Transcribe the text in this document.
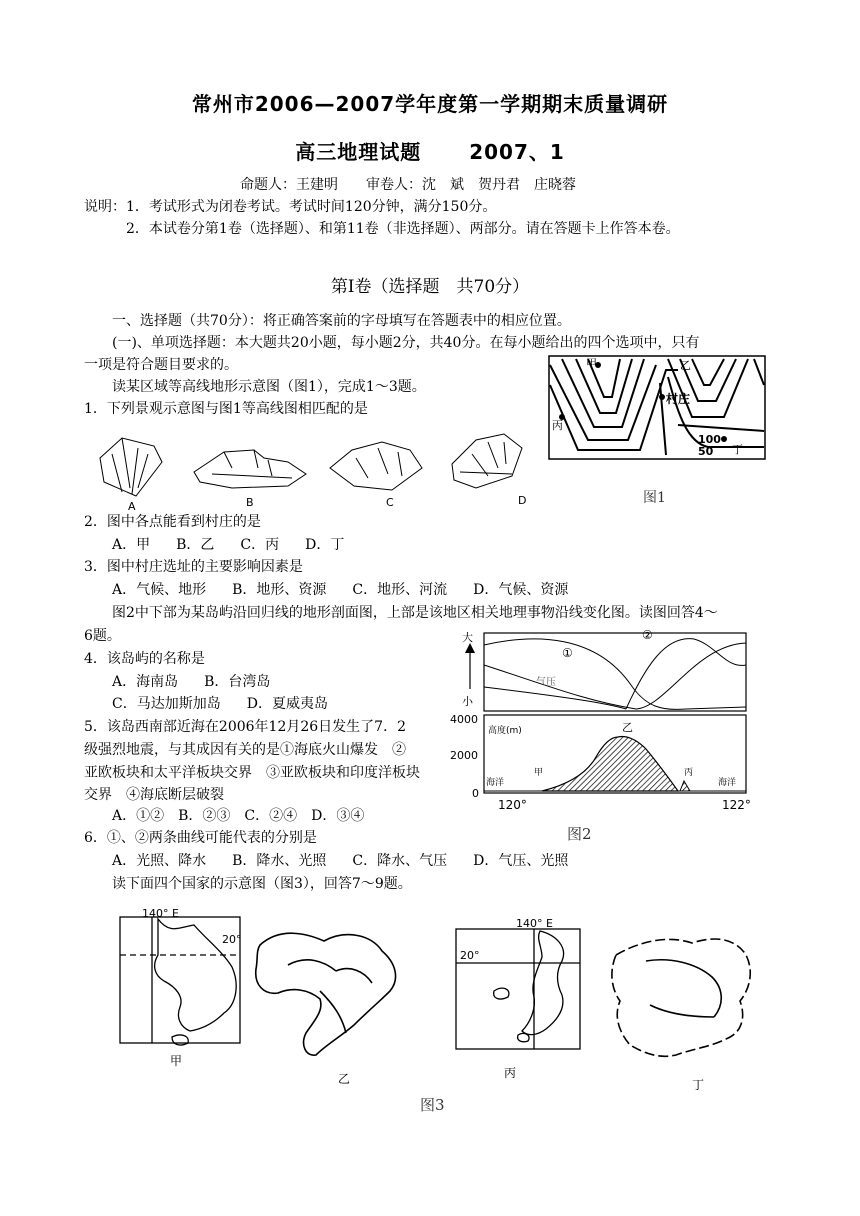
常州市2006—2007学年度第一学期期末质量调研
高三地理试题 2007、1
命题人：王建明　　审卷人：沈　斌　贺丹君　庄晓蓉
说明：1．考试形式为闭卷考试。考试时间120分钟，满分150分。
2．本试卷分第1卷（选择题）、和第11卷（非选择题）、两部分。请在答题卡上作答本卷。
第Ⅰ卷（选择题　共70分）
一、选择题（共70分）：将正确答案前的字母填写在答题表中的相应位置。
(一)、单项选择题：本大题共20小题，每小题2分，共40分。在每小题给出的四个选项中，只有
一项是符合题目要求的。
读某区域等高线地形示意图（图1），完成1～3题。
甲	乙
丙
丁
村庄
100
50
图1
1．下列景观示意图与图1等高线图相匹配的是
A	B	C	D
2．图中各点能看到村庄的是
A．甲 B．乙 C．丙 D．丁
3．图中村庄选址的主要影响因素是
A．气候、地形 B．地形、资源 C．地形、河流 D．气候、资源
图2中下部为某岛屿沿回归线的地形剖面图，上部是该地区相关地理事物沿线变化图。读图回答4～
6题。
4．该岛屿的名称是
A．海南岛 B．台湾岛
C．马达加斯加岛 D．夏威夷岛
5．该岛西南部近海在2006年12月26日发生了7．2
级强烈地震，与其成因有关的是①海底火山爆发　②
亚欧板块和太平洋板块交界　③亚欧板块和印度洋板块
交界　④海底断层破裂
A．①② B．②③ C．②④ D．③④
大
小
①
②
气压
4000
2000
0
高度(m)
海洋	海洋
甲
乙
丙
120°	122°
图2
6．①、②两条曲线可能代表的分别是
A．光照、降水 B．降水、光照 C．降水、气压 D．气压、光照
读下面四个国家的示意图（图3），回答7～9题。
140° E
20°
甲
乙
140° E
20°
丙
丁
图3
